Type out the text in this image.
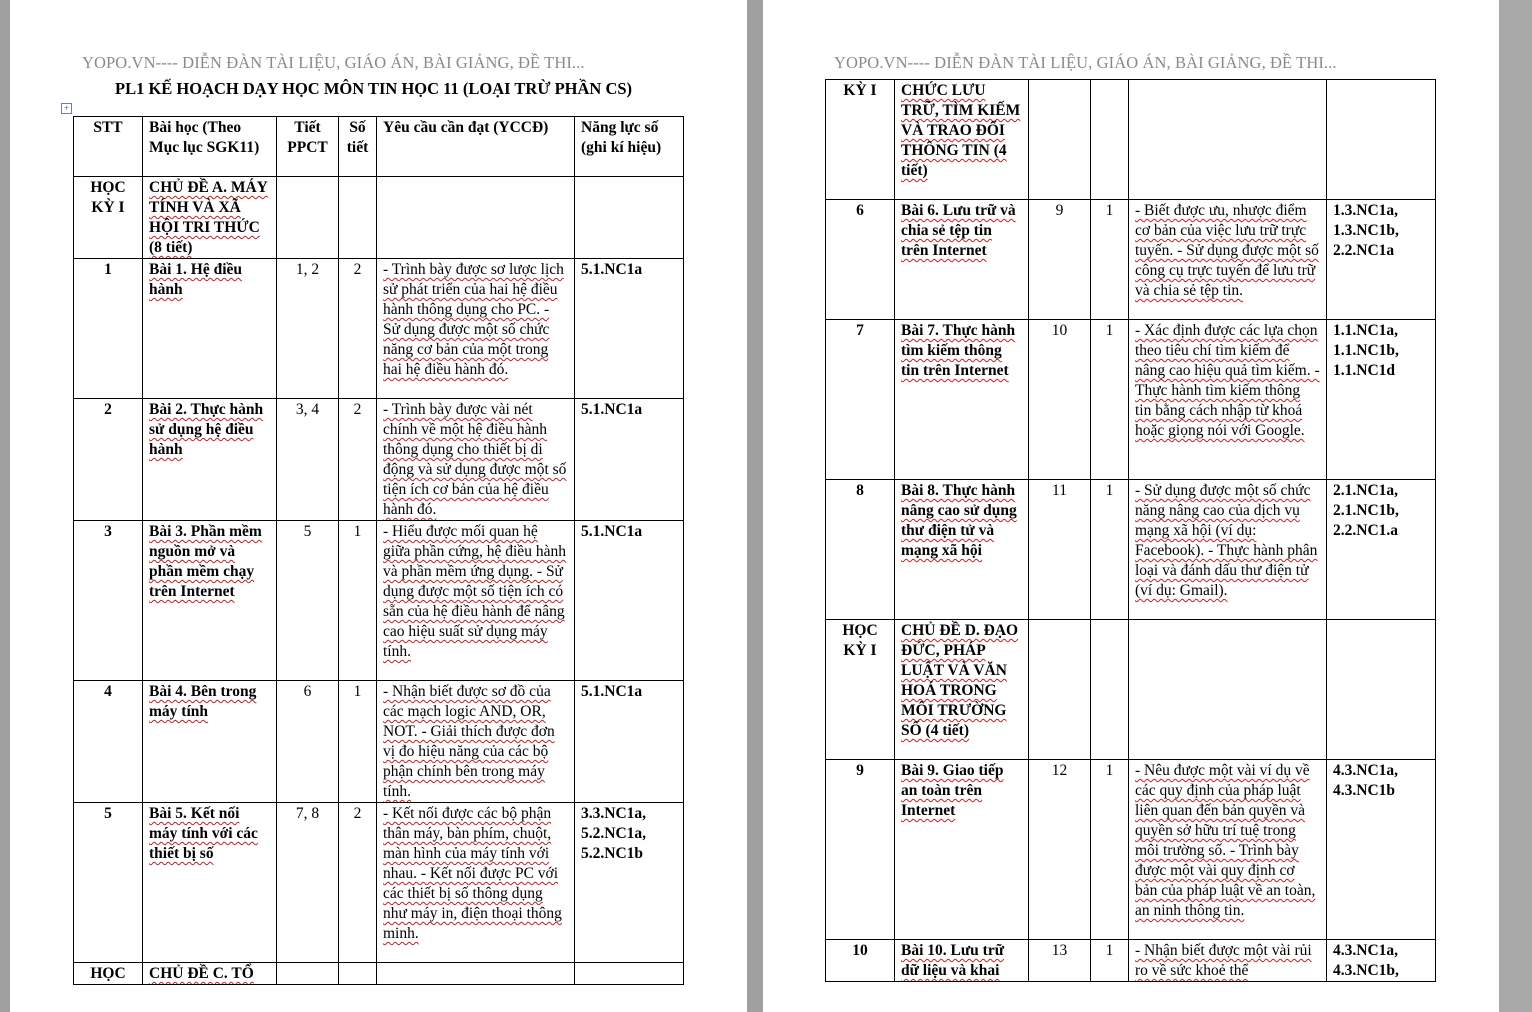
YOPO.VN---- DIỄN ĐÀN TÀI LIỆU, GIÁO ÁN, BÀI GIẢNG, ĐỀ THI...
+
PL1 KẾ HOẠCH DẠY HỌC MÔN TIN HỌC 11 (LOẠI TRỪ PHẦN CS)
STT	Bài học (Theo Mục lục SGK11)	Tiết PPCT	Số tiết	Yêu cầu cần đạt (YCCĐ)	Năng lực số (ghi kí hiệu)
HỌC KỲ I	CHỦ ĐỀ A. MÁY TÍNH VÀ XÃ HỘI TRI THỨC (8 tiết)				
1	Bài 1. Hệ điều hành	1, 2	2	- Trình bày được sơ lược lịch sử phát triển của hai hệ điều hành thông dụng cho PC. - Sử dụng được một số chức năng cơ bản của một trong hai hệ điều hành đó.	5.1.NC1a
2	Bài 2. Thực hành sử dụng hệ điều hành	3, 4	2	- Trình bày được vài nét chính về một hệ điều hành thông dụng cho thiết bị di động và sử dụng được một số tiện ích cơ bản của hệ điều hành đó.	5.1.NC1a
3	Bài 3. Phần mềm nguồn mở và phần mềm chạy trên Internet	5	1	- Hiểu được mối quan hệ giữa phần cứng, hệ điều hành và phần mềm ứng dụng. - Sử dụng được một số tiện ích có sẵn của hệ điều hành để nâng cao hiệu suất sử dụng máy tính.	5.1.NC1a
4	Bài 4. Bên trong máy tính	6	1	- Nhận biết được sơ đồ của các mạch logic AND, OR, NOT. - Giải thích được đơn vị đo hiệu năng của các bộ phận chính bên trong máy tính.	5.1.NC1a
5	Bài 5. Kết nối máy tính với các thiết bị số	7, 8	2	- Kết nối được các bộ phận thân máy, bàn phím, chuột, màn hình của máy tính với nhau. - Kết nối được PC với các thiết bị số thông dụng như máy in, điện thoại thông minh.	3.3.NC1a, 5.2.NC1a, 5.2.NC1b
HỌC	CHỦ ĐỀ C. TỔ				
YOPO.VN---- DIỄN ĐÀN TÀI LIỆU, GIÁO ÁN, BÀI GIẢNG, ĐỀ THI...
KỲ I	CHỨC LƯU TRỮ, TÌM KIẾM VÀ TRAO ĐỔI THÔNG TIN (4 tiết)				
6	Bài 6. Lưu trữ và chia sẻ tệp tin trên Internet	9	1	- Biết được ưu, nhược điểm cơ bản của việc lưu trữ trực tuyến. - Sử dụng được một số công cụ trực tuyến để lưu trữ và chia sẻ tệp tin.	1.3.NC1a, 1.3.NC1b, 2.2.NC1a
7	Bài 7. Thực hành tìm kiếm thông tin trên Internet	10	1	- Xác định được các lựa chọn theo tiêu chí tìm kiếm để nâng cao hiệu quả tìm kiếm. - Thực hành tìm kiếm thông tin bằng cách nhập từ khoá hoặc giọng nói với Google.	1.1.NC1a, 1.1.NC1b, 1.1.NC1d
8	Bài 8. Thực hành nâng cao sử dụng thư điện tử và mạng xã hội	11	1	- Sử dụng được một số chức năng nâng cao của dịch vụ mạng xã hội (ví dụ: Facebook). - Thực hành phân loại và đánh dấu thư điện tử (ví dụ: Gmail).	2.1.NC1a, 2.1.NC1b, 2.2.NC1.a
HỌC KỲ I	CHỦ ĐỀ D. ĐẠO ĐỨC, PHÁP LUẬT VÀ VĂN HOÁ TRONG MÔI TRƯỜNG SỐ (4 tiết)				
9	Bài 9. Giao tiếp an toàn trên Internet	12	1	- Nêu được một vài ví dụ về các quy định của pháp luật liên quan đến bản quyền và quyền sở hữu trí tuệ trong môi trường số. - Trình bày được một vài quy định cơ bản của pháp luật về an toàn, an ninh thông tin.	4.3.NC1a, 4.3.NC1b
10	Bài 10. Lưu trữ dữ liệu và khai	13	1	- Nhận biết được một vài rủi ro về sức khoẻ thể	4.3.NC1a, 4.3.NC1b,
